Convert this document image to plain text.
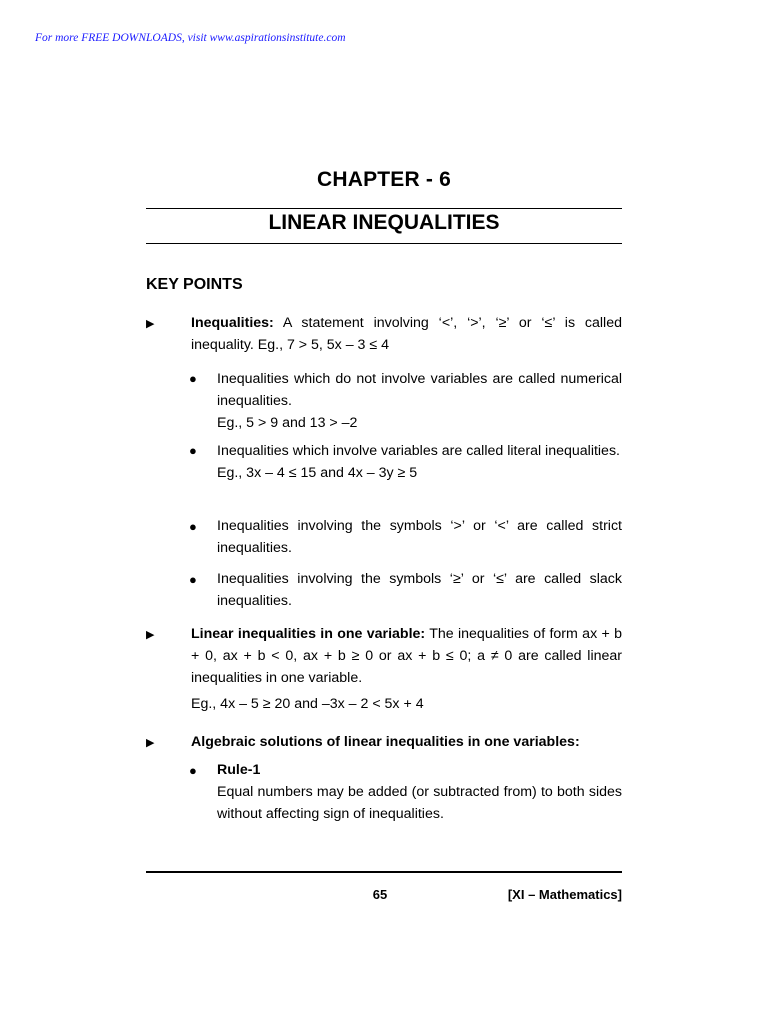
For more FREE DOWNLOADS, visit www.aspirationsinstitute.com
CHAPTER - 6
LINEAR INEQUALITIES
KEY POINTS
▶	Inequalities: A statement involving ‘<’, ‘>’, ‘≥’ or ‘≤’ is called inequality. Eg., 7 > 5, 5x – 3 ≤ 4
● Inequalities which do not involve variables are called numerical inequalities.
Eg., 5 > 9 and 13 > –2
● Inequalities which involve variables are called literal inequalities.
Eg., 3x – 4 ≤ 15 and 4x – 3y ≥ 5
● Inequalities involving the symbols ‘>’ or ‘<’ are called strict inequalities.
● Inequalities involving the symbols ‘≥’ or ‘≤’ are called slack inequalities.
▶	Linear inequalities in one variable: The inequalities of form ax + b + 0, ax + b < 0, ax + b ≥ 0 or ax + b ≤ 0; a ≠ 0 are called linear inequalities in one variable.
Eg., 4x – 5 ≥ 20 and –3x – 2 < 5x + 4
▶	Algebraic solutions of linear inequalities in one variables:
● Rule-1
Equal numbers may be added (or subtracted from) to both sides without affecting sign of inequalities.
65	[XI – Mathematics]
